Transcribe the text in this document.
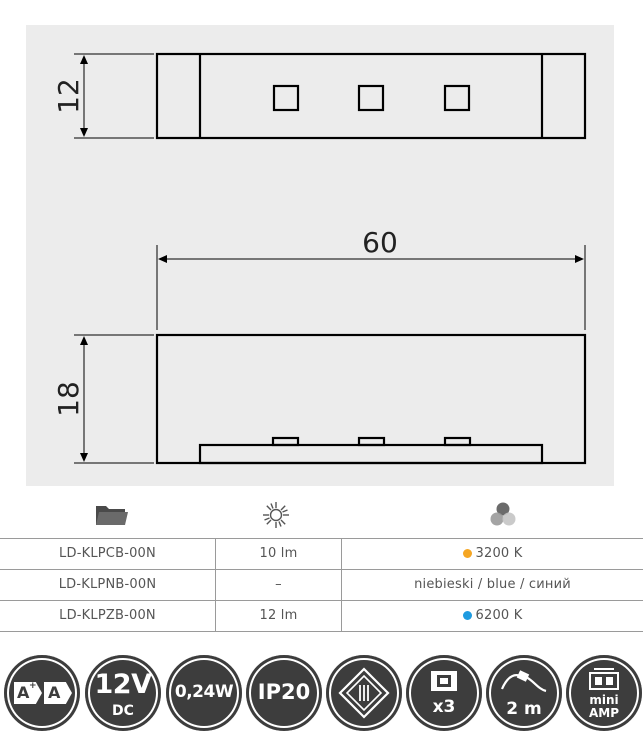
12
60
18
LD-KLPCB-00N	10 lm	3200 K
LD-KLPNB-00N	–	niebieski / blue / синий
LD-KLPZB-00N	12 lm	6200 K
A ++ A	12V
DC
0,24W	IP20
x3	2 m	mini
AMP
